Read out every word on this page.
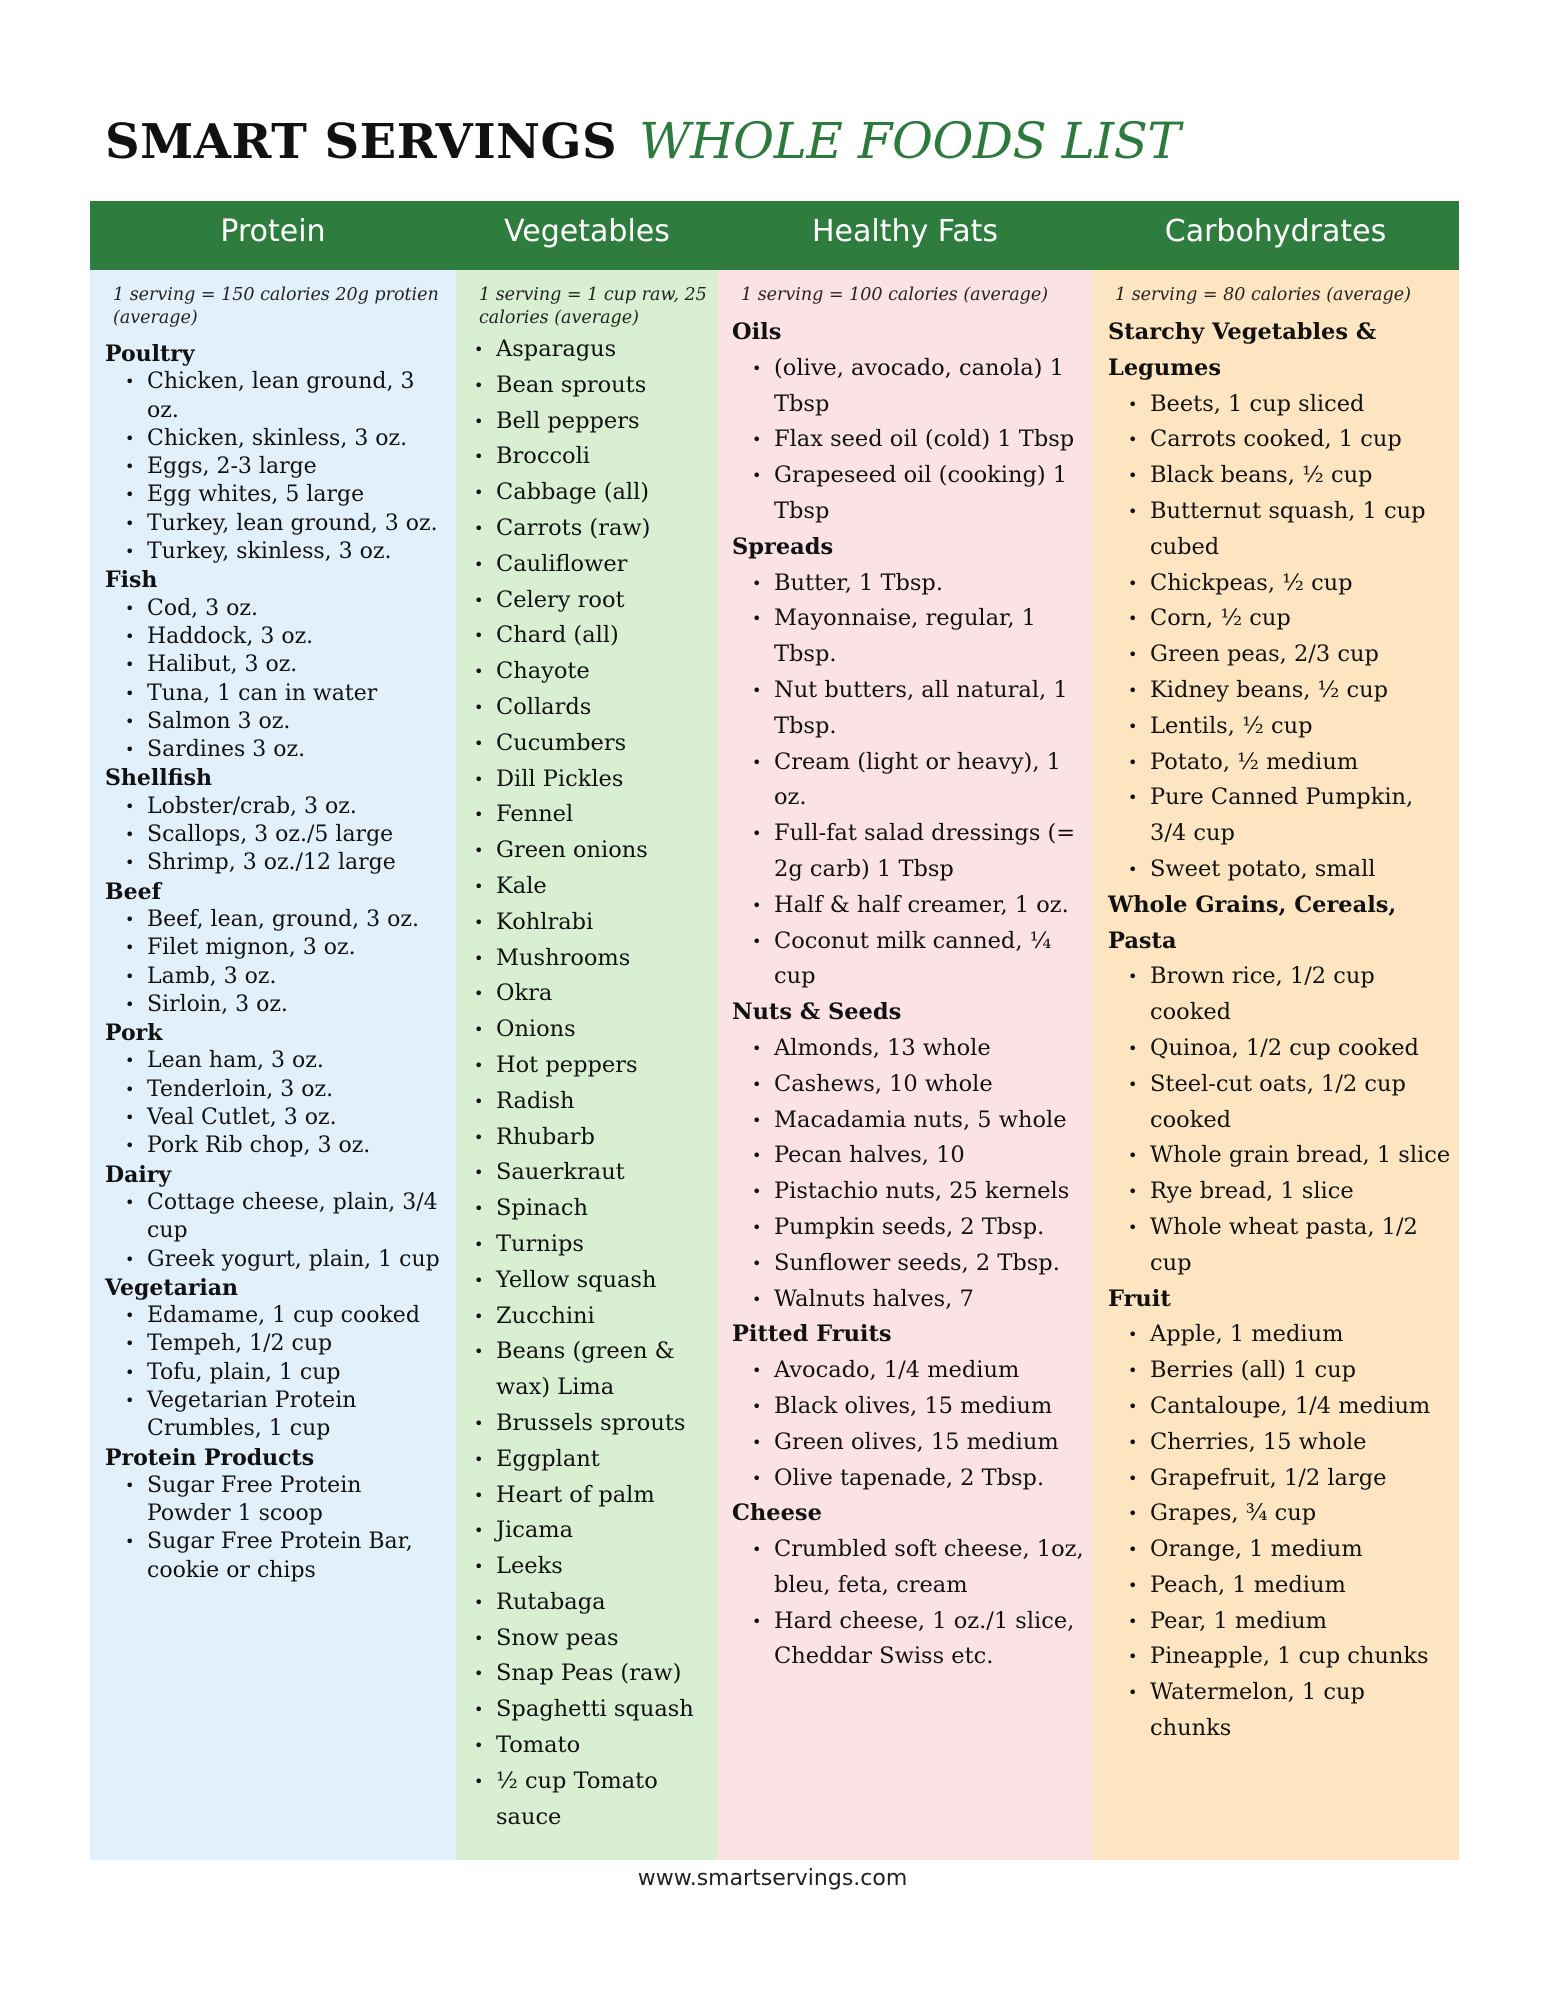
SMART SERVINGS WHOLE FOODS LIST
Protein	Vegetables	Healthy Fats	Carbohydrates
1 serving = 150 calories 20g protien (average)
Poultry
• Chicken, lean ground, 3 oz.
• Chicken, skinless, 3 oz.
• Eggs, 2-3 large
• Egg whites, 5 large
• Turkey, lean ground, 3 oz.
• Turkey, skinless, 3 oz.
Fish
• Cod, 3 oz.
• Haddock, 3 oz.
• Halibut, 3 oz.
• Tuna, 1 can in water
• Salmon 3 oz.
• Sardines 3 oz.
Shellfish
• Lobster/crab, 3 oz.
• Scallops, 3 oz./5 large
• Shrimp, 3 oz./12 large
Beef
• Beef, lean, ground, 3 oz.
• Filet mignon, 3 oz.
• Lamb, 3 oz.
• Sirloin, 3 oz.
Pork
• Lean ham, 3 oz.
• Tenderloin, 3 oz.
• Veal Cutlet, 3 oz.
• Pork Rib chop, 3 oz.
Dairy
• Cottage cheese, plain, 3/4 cup
• Greek yogurt, plain, 1 cup
Vegetarian
• Edamame, 1 cup cooked
• Tempeh, 1/2 cup
• Tofu, plain, 1 cup
• Vegetarian Protein Crumbles, 1 cup
Protein Products
• Sugar Free Protein Powder 1 scoop
• Sugar Free Protein Bar, cookie or chips
1 serving = 1 cup raw, 25 calories (average)
• Asparagus
• Bean sprouts
• Bell peppers
• Broccoli
• Cabbage (all)
• Carrots (raw)
• Cauliflower
• Celery root
• Chard (all)
• Chayote
• Collards
• Cucumbers
• Dill Pickles
• Fennel
• Green onions
• Kale
• Kohlrabi
• Mushrooms
• Okra
• Onions
• Hot peppers
• Radish
• Rhubarb
• Sauerkraut
• Spinach
• Turnips
• Yellow squash
• Zucchini
• Beans (green & wax) Lima
• Brussels sprouts
• Eggplant
• Heart of palm
• Jicama
• Leeks
• Rutabaga
• Snow peas
• Snap Peas (raw)
• Spaghetti squash
• Tomato
• ½ cup Tomato sauce
1 serving = 100 calories (average)
Oils
• (olive, avocado, canola) 1 Tbsp
• Flax seed oil (cold) 1 Tbsp
• Grapeseed oil (cooking) 1 Tbsp
Spreads
• Butter, 1 Tbsp.
• Mayonnaise, regular, 1 Tbsp.
• Nut butters, all natural, 1 Tbsp.
• Cream (light or heavy), 1 oz.
• Full-fat salad dressings (= 2g carb) 1 Tbsp
• Half & half creamer, 1 oz.
• Coconut milk canned, ¼ cup
Nuts & Seeds
• Almonds, 13 whole
• Cashews, 10 whole
• Macadamia nuts, 5 whole
• Pecan halves, 10
• Pistachio nuts, 25 kernels
• Pumpkin seeds, 2 Tbsp.
• Sunflower seeds, 2 Tbsp.
• Walnuts halves, 7
Pitted Fruits
• Avocado, 1/4 medium
• Black olives, 15 medium
• Green olives, 15 medium
• Olive tapenade, 2 Tbsp.
Cheese
• Crumbled soft cheese, 1oz, bleu, feta, cream
• Hard cheese, 1 oz./1 slice, Cheddar Swiss etc.
1 serving = 80 calories (average)
Starchy Vegetables & Legumes
• Beets, 1 cup sliced
• Carrots cooked, 1 cup
• Black beans, ½ cup
• Butternut squash, 1 cup cubed
• Chickpeas, ½ cup
• Corn, ½ cup
• Green peas, 2/3 cup
• Kidney beans, ½ cup
• Lentils, ½ cup
• Potato, ½ medium
• Pure Canned Pumpkin, 3/4 cup
• Sweet potato, small
Whole Grains, Cereals, Pasta
• Brown rice, 1/2 cup cooked
• Quinoa, 1/2 cup cooked
• Steel-cut oats, 1/2 cup cooked
• Whole grain bread, 1 slice
• Rye bread, 1 slice
• Whole wheat pasta, 1/2 cup
Fruit
• Apple, 1 medium
• Berries (all) 1 cup
• Cantaloupe, 1/4 medium
• Cherries, 15 whole
• Grapefruit, 1/2 large
• Grapes, ¾ cup
• Orange, 1 medium
• Peach, 1 medium
• Pear, 1 medium
• Pineapple, 1 cup chunks
• Watermelon, 1 cup chunks
www.smartservings.com
